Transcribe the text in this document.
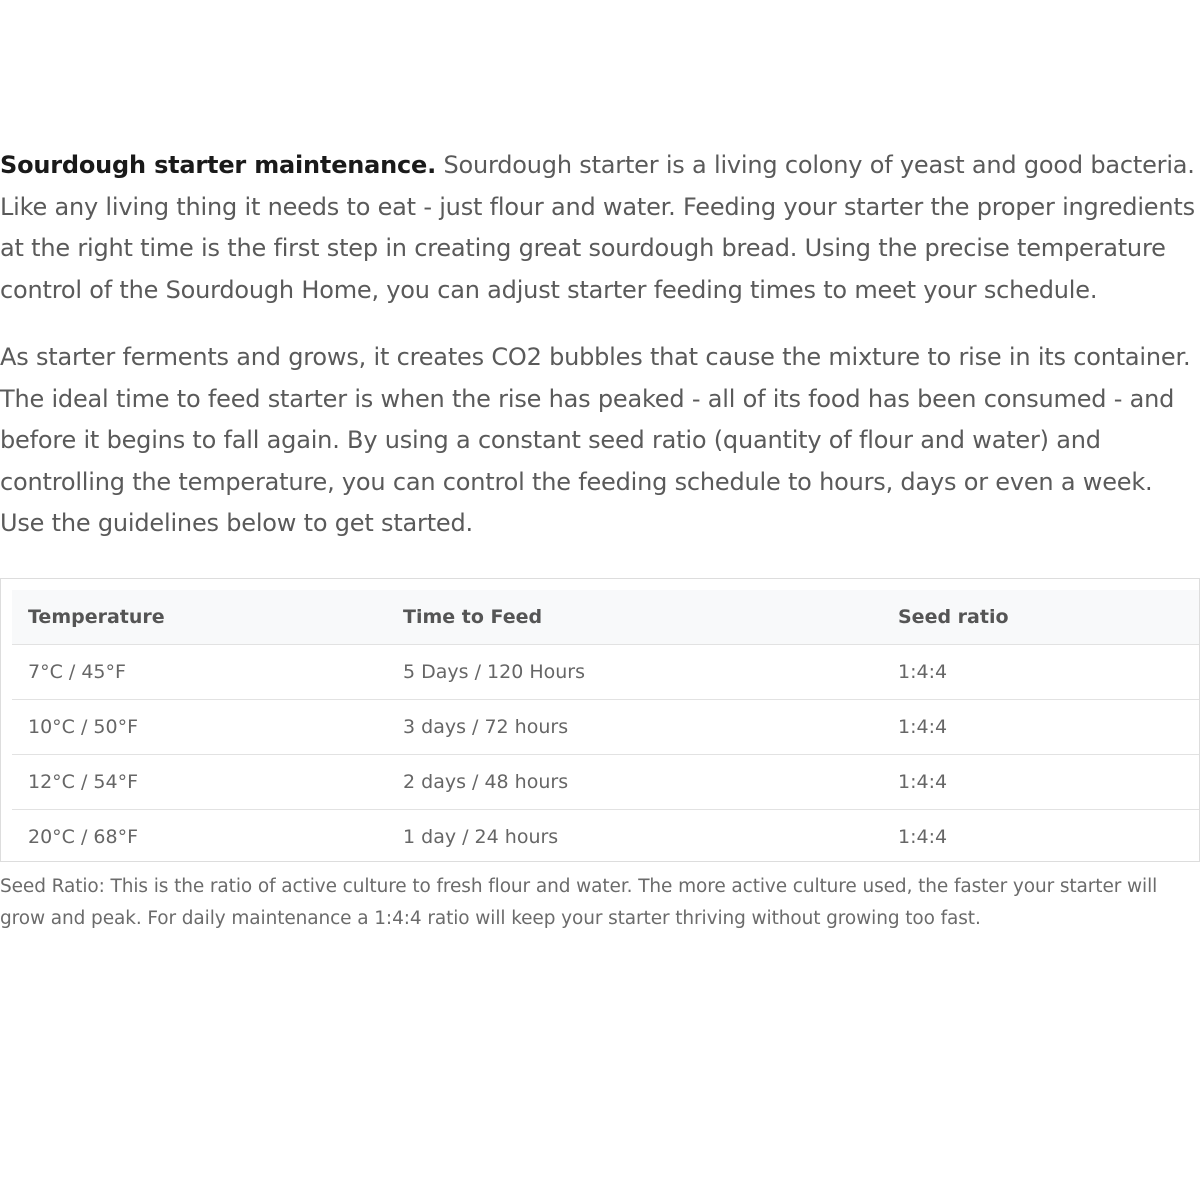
Sourdough starter maintenance. Sourdough starter is a living colony of yeast and good bacteria. Like any living thing it needs to eat - just flour and water. Feeding your starter the proper ingredients at the right time is the first step in creating great sourdough bread. Using the precise temperature control of the Sourdough Home, you can adjust starter feeding times to meet your schedule.

As starter ferments and grows, it creates CO2 bubbles that cause the mixture to rise in its container. The ideal time to feed starter is when the rise has peaked - all of its food has been consumed - and before it begins to fall again. By using a constant seed ratio (quantity of flour and water) and controlling the temperature, you can control the feeding schedule to hours, days or even a week. Use the guidelines below to get started.

Temperature	Time to Feed	Seed ratio
7°C / 45°F	5 Days / 120 Hours	1:4:4
10°C / 50°F	3 days / 72 hours	1:4:4
12°C / 54°F	2 days / 48 hours	1:4:4
20°C / 68°F	1 day / 24 hours	1:4:4

Seed Ratio: This is the ratio of active culture to fresh flour and water. The more active culture used, the faster your starter will grow and peak. For daily maintenance a 1:4:4 ratio will keep your starter thriving without growing too fast.
